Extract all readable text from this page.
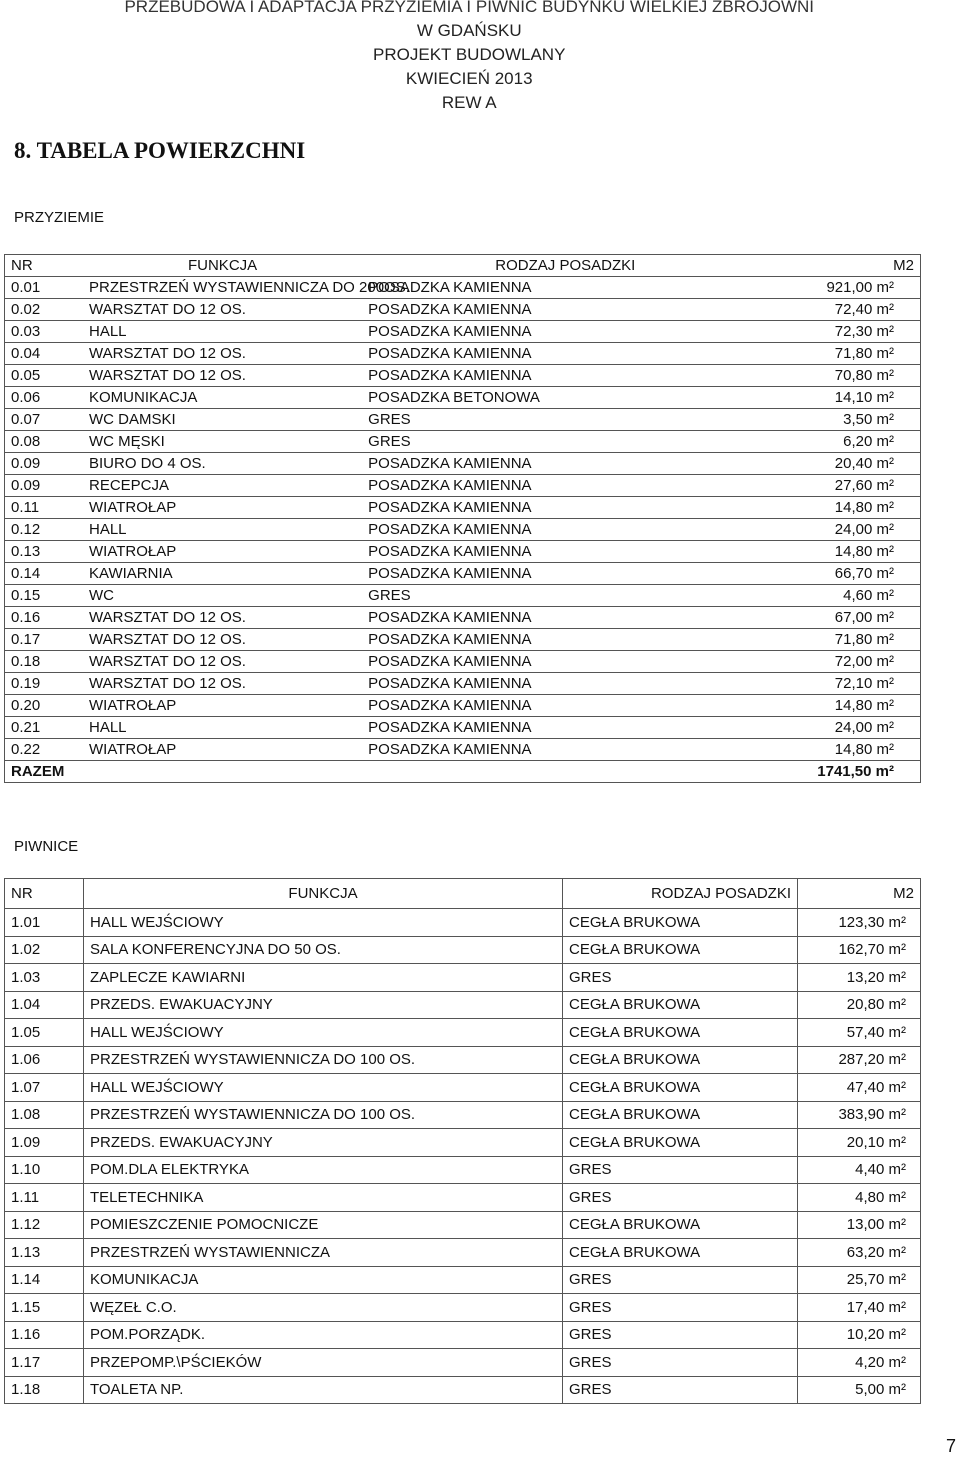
PRZEBUDOWA I ADAPTACJA PRZYZIEMIA I PIWNIC BUDYNKU WIELKIEJ ZBROJOWNI
W GDAŃSKU
PROJEKT BUDOWLANY
KWIECIEŃ 2013
REW A
8. TABELA POWIERZCHNI
PRZYZIEMIE
NR	FUNKCJA	RODZAJ POSADZKI	M2
0.01	PRZESTRZEŃ WYSTAWIENNICZA DO 200OS.	POSADZKA KAMIENNA	921,00 m²
0.02	WARSZTAT DO 12 OS.	POSADZKA KAMIENNA	72,40 m²
0.03	HALL	POSADZKA KAMIENNA	72,30 m²
0.04	WARSZTAT DO 12 OS.	POSADZKA KAMIENNA	71,80 m²
0.05	WARSZTAT DO 12 OS.	POSADZKA KAMIENNA	70,80 m²
0.06	KOMUNIKACJA	POSADZKA BETONOWA	14,10 m²
0.07	WC DAMSKI	GRES	3,50 m²
0.08	WC MĘSKI	GRES	6,20 m²
0.09	BIURO DO 4 OS.	POSADZKA KAMIENNA	20,40 m²
0.09	RECEPCJA	POSADZKA KAMIENNA	27,60 m²
0.11	WIATROŁAP	POSADZKA KAMIENNA	14,80 m²
0.12	HALL	POSADZKA KAMIENNA	24,00 m²
0.13	WIATROŁAP	POSADZKA KAMIENNA	14,80 m²
0.14	KAWIARNIA	POSADZKA KAMIENNA	66,70 m²
0.15	WC	GRES	4,60 m²
0.16	WARSZTAT DO 12 OS.	POSADZKA KAMIENNA	67,00 m²
0.17	WARSZTAT DO 12 OS.	POSADZKA KAMIENNA	71,80 m²
0.18	WARSZTAT DO 12 OS.	POSADZKA KAMIENNA	72,00 m²
0.19	WARSZTAT DO 12 OS.	POSADZKA KAMIENNA	72,10 m²
0.20	WIATROŁAP	POSADZKA KAMIENNA	14,80 m²
0.21	HALL	POSADZKA KAMIENNA	24,00 m²
0.22	WIATROŁAP	POSADZKA KAMIENNA	14,80 m²
RAZEM			1741,50 m²
PIWNICE
NR	FUNKCJA	RODZAJ POSADZKI	M2
1.01	HALL WEJŚCIOWY	CEGŁA BRUKOWA	123,30 m²
1.02	SALA KONFERENCYJNA DO 50 OS.	CEGŁA BRUKOWA	162,70 m²
1.03	ZAPLECZE KAWIARNI	GRES	13,20 m²
1.04	PRZEDS. EWAKUACYJNY	CEGŁA BRUKOWA	20,80 m²
1.05	HALL WEJŚCIOWY	CEGŁA BRUKOWA	57,40 m²
1.06	PRZESTRZEŃ WYSTAWIENNICZA DO 100 OS.	CEGŁA BRUKOWA	287,20 m²
1.07	HALL WEJŚCIOWY	CEGŁA BRUKOWA	47,40 m²
1.08	PRZESTRZEŃ WYSTAWIENNICZA DO 100 OS.	CEGŁA BRUKOWA	383,90 m²
1.09	PRZEDS. EWAKUACYJNY	CEGŁA BRUKOWA	20,10 m²
1.10	POM.DLA ELEKTRYKA	GRES	4,40 m²
1.11	TELETECHNIKA	GRES	4,80 m²
1.12	POMIESZCZENIE POMOCNICZE	CEGŁA BRUKOWA	13,00 m²
1.13	PRZESTRZEŃ WYSTAWIENNICZA	CEGŁA BRUKOWA	63,20 m²
1.14	KOMUNIKACJA	GRES	25,70 m²
1.15	WĘZEŁ C.O.	GRES	17,40 m²
1.16	POM.PORZĄDK.	GRES	10,20 m²
1.17	PRZEPOMP.\PŚCIEKÓW	GRES	4,20 m²
1.18	TOALETA NP.	GRES	5,00 m²
7
